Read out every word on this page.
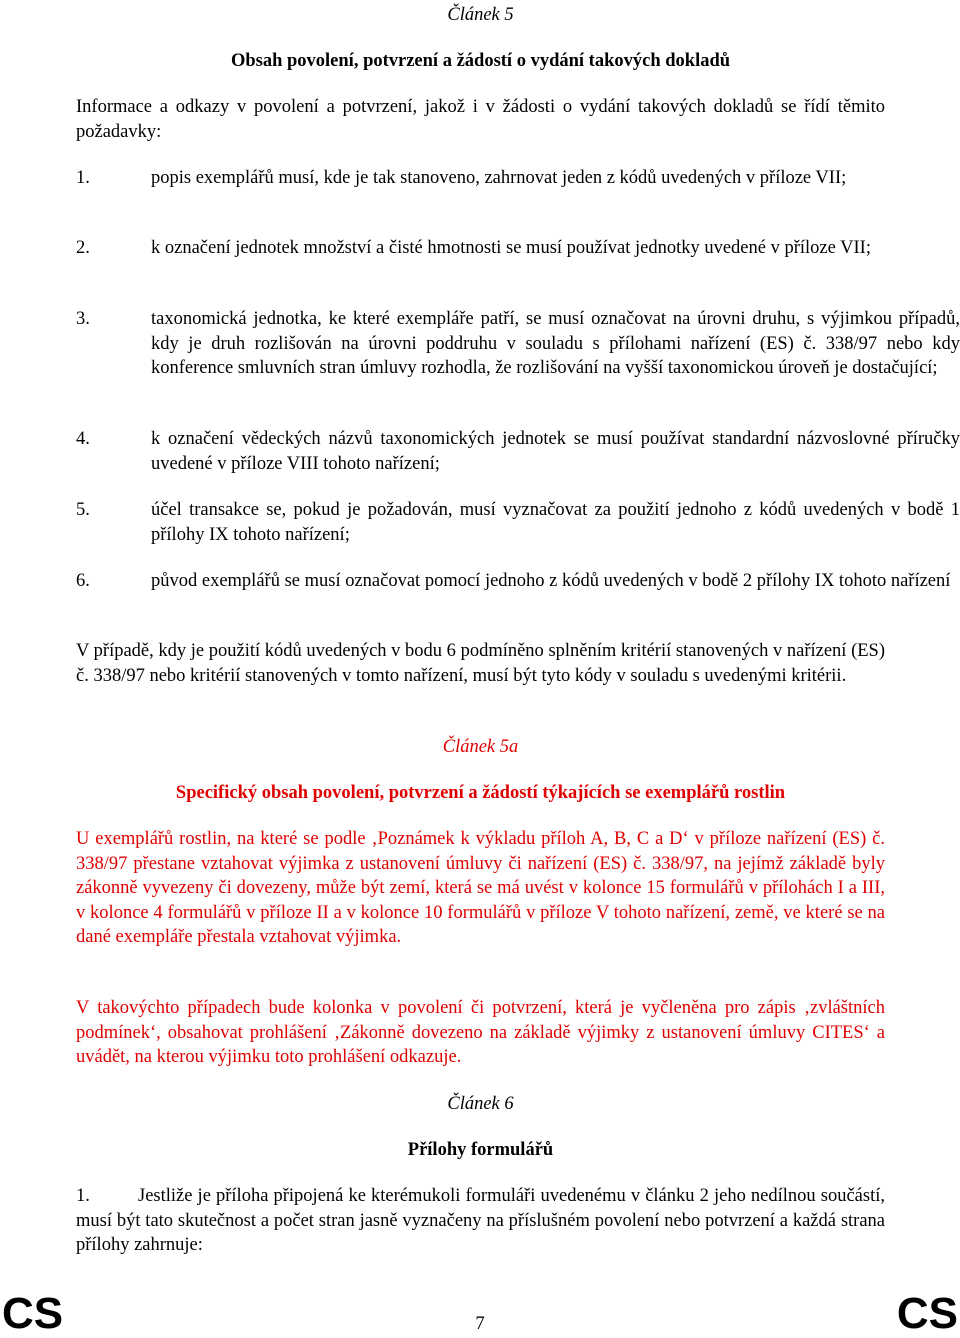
Článek 5
Obsah povolení, potvrzení a žádostí o vydání takových dokladů
Informace a odkazy v povolení a potvrzení, jakož i v žádosti o vydání takových dokladů se řídí těmito požadavky:
1.	popis exemplářů musí, kde je tak stanoveno, zahrnovat jeden z kódů uvedených v příloze VII;
2.	k označení jednotek množství a čisté hmotnosti se musí používat jednotky uvedené v příloze VII;
3.	taxonomická jednotka, ke které exempláře patří, se musí označovat na úrovni druhu, s výjimkou případů, kdy je druh rozlišován na úrovni poddruhu v souladu s přílohami nařízení (ES) č. 338/97 nebo kdy konference smluvních stran úmluvy rozhodla, že rozlišování na vyšší taxonomickou úroveň je dostačující;
4.	k označení vědeckých názvů taxonomických jednotek se musí používat standardní názvoslovné příručky uvedené v příloze VIII tohoto nařízení;
5.	účel transakce se, pokud je požadován, musí vyznačovat za použití jednoho z kódů uvedených v bodě 1 přílohy IX tohoto nařízení;
6.	původ exemplářů se musí označovat pomocí jednoho z kódů uvedených v bodě 2 přílohy IX tohoto nařízení
V případě, kdy je použití kódů uvedených v bodu 6 podmíněno splněním kritérií stanovených v nařízení (ES) č. 338/97 nebo kritérií stanovených v tomto nařízení, musí být tyto kódy v souladu s uvedenými kritérii.
Článek 5a
Specifický obsah povolení, potvrzení a žádostí týkajících se exemplářů rostlin
U exemplářů rostlin, na které se podle ‚Poznámek k výkladu příloh A, B, C a D‘ v příloze nařízení (ES) č. 338/97 přestane vztahovat výjimka z ustanovení úmluvy či nařízení (ES) č. 338/97, na jejímž základě byly zákonně vyvezeny či dovezeny, může být zemí, která se má uvést v kolonce 15 formulářů v přílohách I a III, v kolonce 4 formulářů v příloze II a v kolonce 10 formulářů v příloze V tohoto nařízení, země, ve které se na dané exempláře přestala vztahovat výjimka.
V takovýchto případech bude kolonka v povolení či potvrzení, která je vyčleněna pro zápis ‚zvláštních podmínek‘, obsahovat prohlášení ‚Zákonně dovezeno na základě výjimky z ustanovení úmluvy CITES‘ a uvádět, na kterou výjimku toto prohlášení odkazuje.
Článek 6
Přílohy formulářů
1.	Jestliže je příloha připojená ke kterémukoli formuláři uvedenému v článku 2 jeho nedílnou součástí, musí být tato skutečnost a počet stran jasně vyznačeny na příslušném povolení nebo potvrzení a každá strana přílohy zahrnuje:
CS	7	CS
